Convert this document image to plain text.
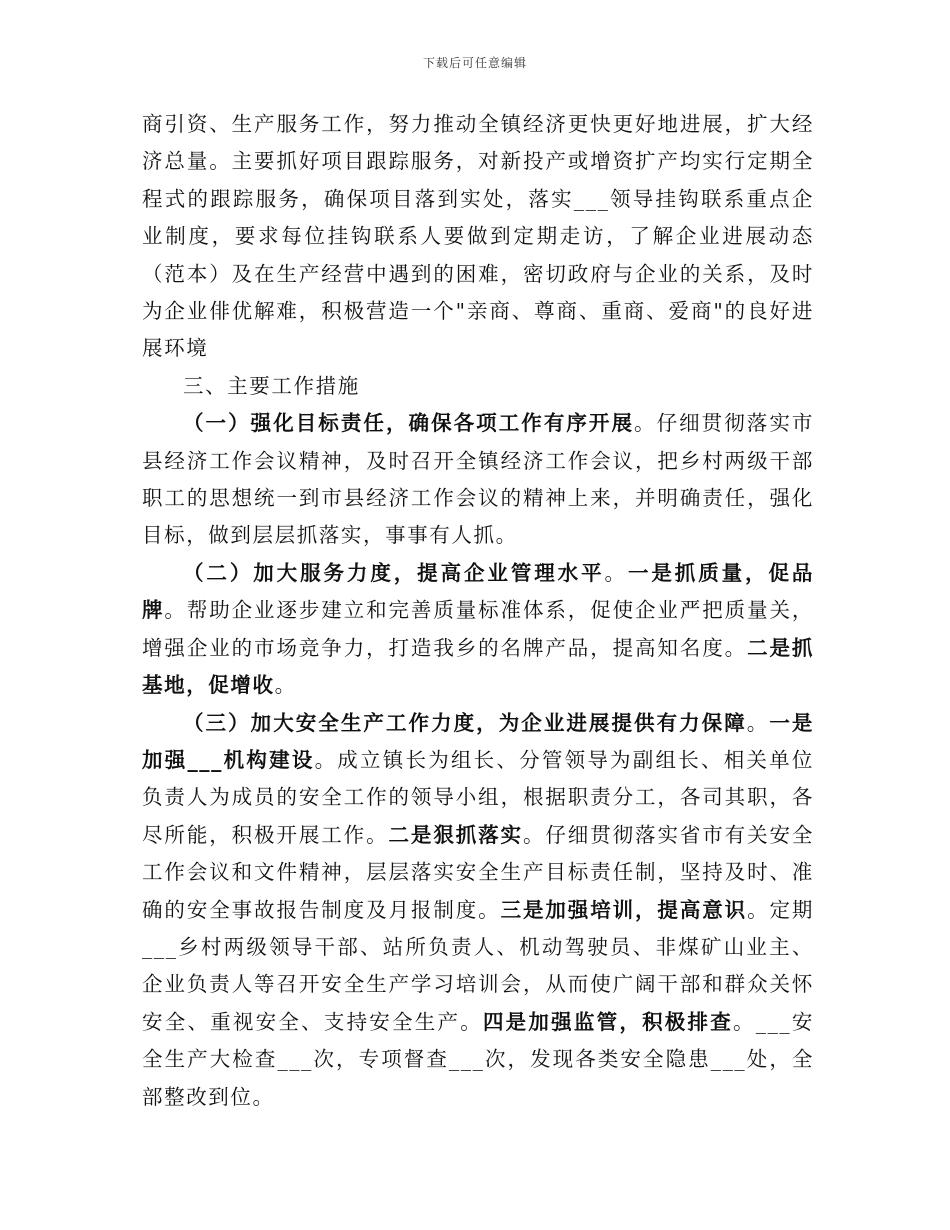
下载后可任意编辑

商引资、生产服务工作，努力推动全镇经济更快更好地进展，扩大经济总量。主要抓好项目跟踪服务，对新投产或增资扩产均实行定期全程式的跟踪服务，确保项目落到实处，落实___领导挂钩联系重点企业制度，要求每位挂钩联系人要做到定期走访，了解企业进展动态（范本）及在生产经营中遇到的困难，密切政府与企业的关系，及时为企业俳优解难，积极营造一个"亲商、尊商、重商、爱商"的良好进展环境

三、主要工作措施

（一）强化目标责任，确保各项工作有序开展。仔细贯彻落实市县经济工作会议精神，及时召开全镇经济工作会议，把乡村两级干部职工的思想统一到市县经济工作会议的精神上来，并明确责任，强化目标，做到层层抓落实，事事有人抓。

（二）加大服务力度，提高企业管理水平。一是抓质量，促品牌。帮助企业逐步建立和完善质量标准体系，促使企业严把质量关，增强企业的市场竞争力，打造我乡的名牌产品，提高知名度。二是抓基地，促增收。

（三）加大安全生产工作力度，为企业进展提供有力保障。一是加强___机构建设。成立镇长为组长、分管领导为副组长、相关单位负责人为成员的安全工作的领导小组，根据职责分工，各司其职，各尽所能，积极开展工作。二是狠抓落实。仔细贯彻落实省市有关安全工作会议和文件精神，层层落实安全生产目标责任制，坚持及时、准确的安全事故报告制度及月报制度。三是加强培训，提高意识。定期___乡村两级领导干部、站所负责人、机动驾驶员、非煤矿山业主、企业负责人等召开安全生产学习培训会，从而使广阔干部和群众关怀安全、重视安全、支持安全生产。四是加强监管，积极排查。___安全生产大检查___次，专项督查___次，发现各类安全隐患___处，全部整改到位。
